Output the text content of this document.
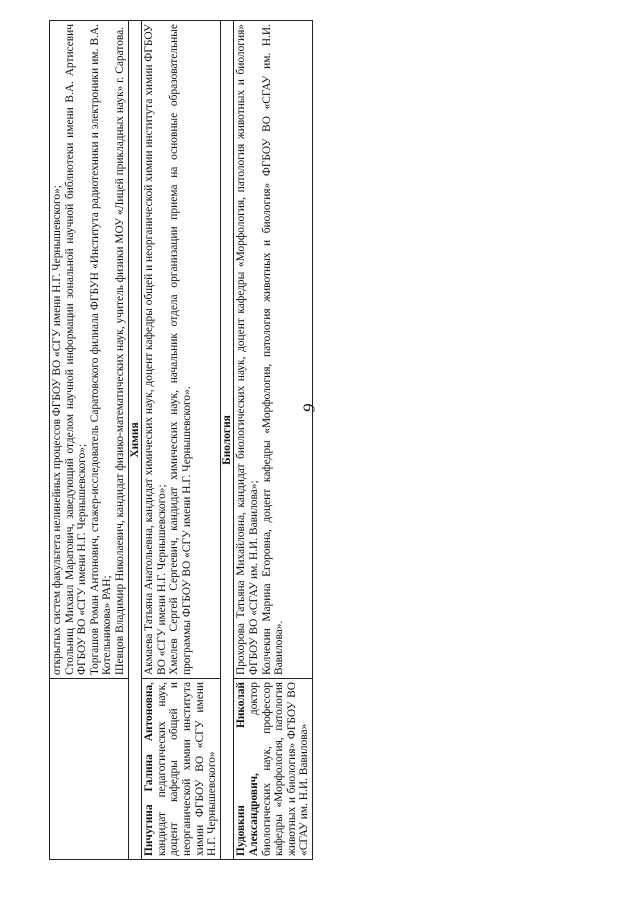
9

	открытых систем факультета нелинейных процессов ФГБОУ ВО «СГУ имени Н.Г. Чернышевского»; Стольниц Михаил Маратович, заведующий отделом научной информации зональной научной библиотеки имени В.А. Артисевич ФГБОУ ВО «СГУ имени Н.Г. Чернышевского»; Торгашов Роман Антонович, стажер-исследователь Саратовского филиала ФГБУН «Института радиотехники и электроники им. В.А. Котельникова» РАН; Шевцов Владимир Николаевич, кандидат физико-математических наук, учитель физики МОУ «Лицей прикладных наук» г. Саратова.

Химия	
Пичугина Галина Антоновна, кандидат педагогических наук, доцент кафедры общей и неорганической химии института химии ФГБОУ ВО «СГУ имени Н.Г. Чернышевского»	Акмаева Татьяна Анатольевна, кандидат химических наук, доцент кафедры общей и неорганической химии института химии ФГБОУ ВО «СГУ имени Н.Г. Чернышевского»; Хмелев Сергей Сергеевич, кандидат химических наук, начальник отдела организации приема на основные образовательные программы ФГБОУ ВО «СГУ имени Н.Г. Чернышевского».

Биология	
Пудовкин Николай Александрович, доктор биологических наук, профессор кафедры «Морфология, патология животных и биология» ФГБОУ ВО «СГАУ им. Н.И. Вавилова»	Прохорова Татьяна Михайловна, кандидат биологических наук, доцент кафедры «Морфология, патология животных и биология» ФГБОУ ВО «СГАУ им. Н.И. Вавилова»; Колчекин Марина Егоровна, доцент кафедры «Морфология, патология животных и биология» ФГБОУ ВО «СГАУ им. Н.И. Вавилова».
